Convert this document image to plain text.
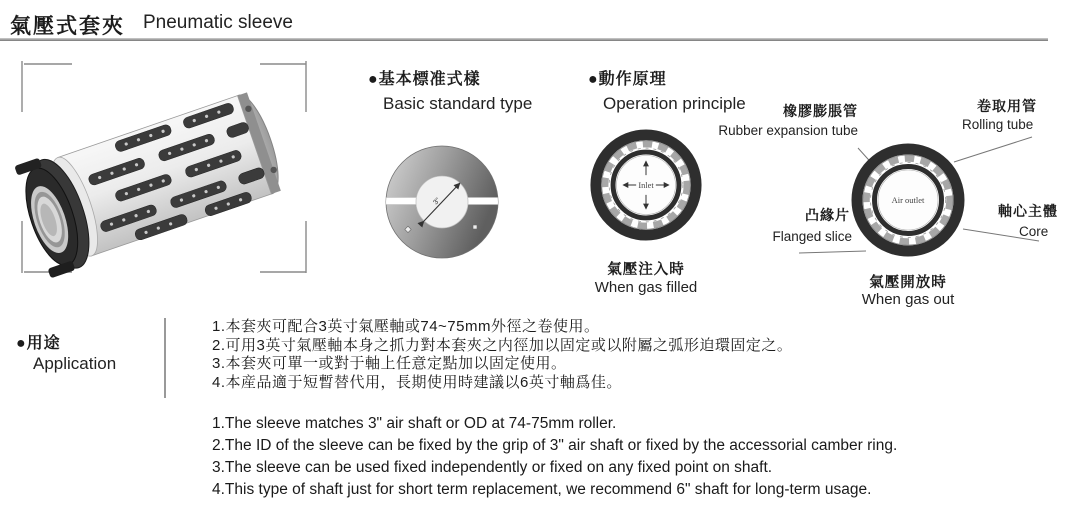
氣壓式套夾 Pneumatic sleeve
●基本標准式樣
Basic standard type
3"
●動作原理
Operation principle	橡膠膨脹管
Rubber expansion tube
卷取用管
Rolling tube
凸緣片
Flanged slice
軸心主體
Core
Inlet
氣壓注入時
When gas filled
Air outlet
氣壓開放時
When gas out
●用途
Application
1.本套夾可配合3英寸氣壓軸或74~75mm外徑之卷使用。
2.可用3英寸氣壓軸本身之抓力對本套夾之内徑加以固定或以附屬之弧形迫環固定之。
3.本套夾可單一或對于軸上任意定點加以固定使用。
4.本産品適于短暫替代用，長期使用時建議以6英寸軸爲佳。
1.The sleeve matches 3" air shaft or OD at 74-75mm roller.
2.The ID of the sleeve can be fixed by the grip of 3" air shaft or fixed by the accessorial camber ring.
3.The sleeve can be used fixed independently or fixed on any fixed point on shaft.
4.This type of shaft just for short term replacement, we recommend 6" shaft for long-term usage.
